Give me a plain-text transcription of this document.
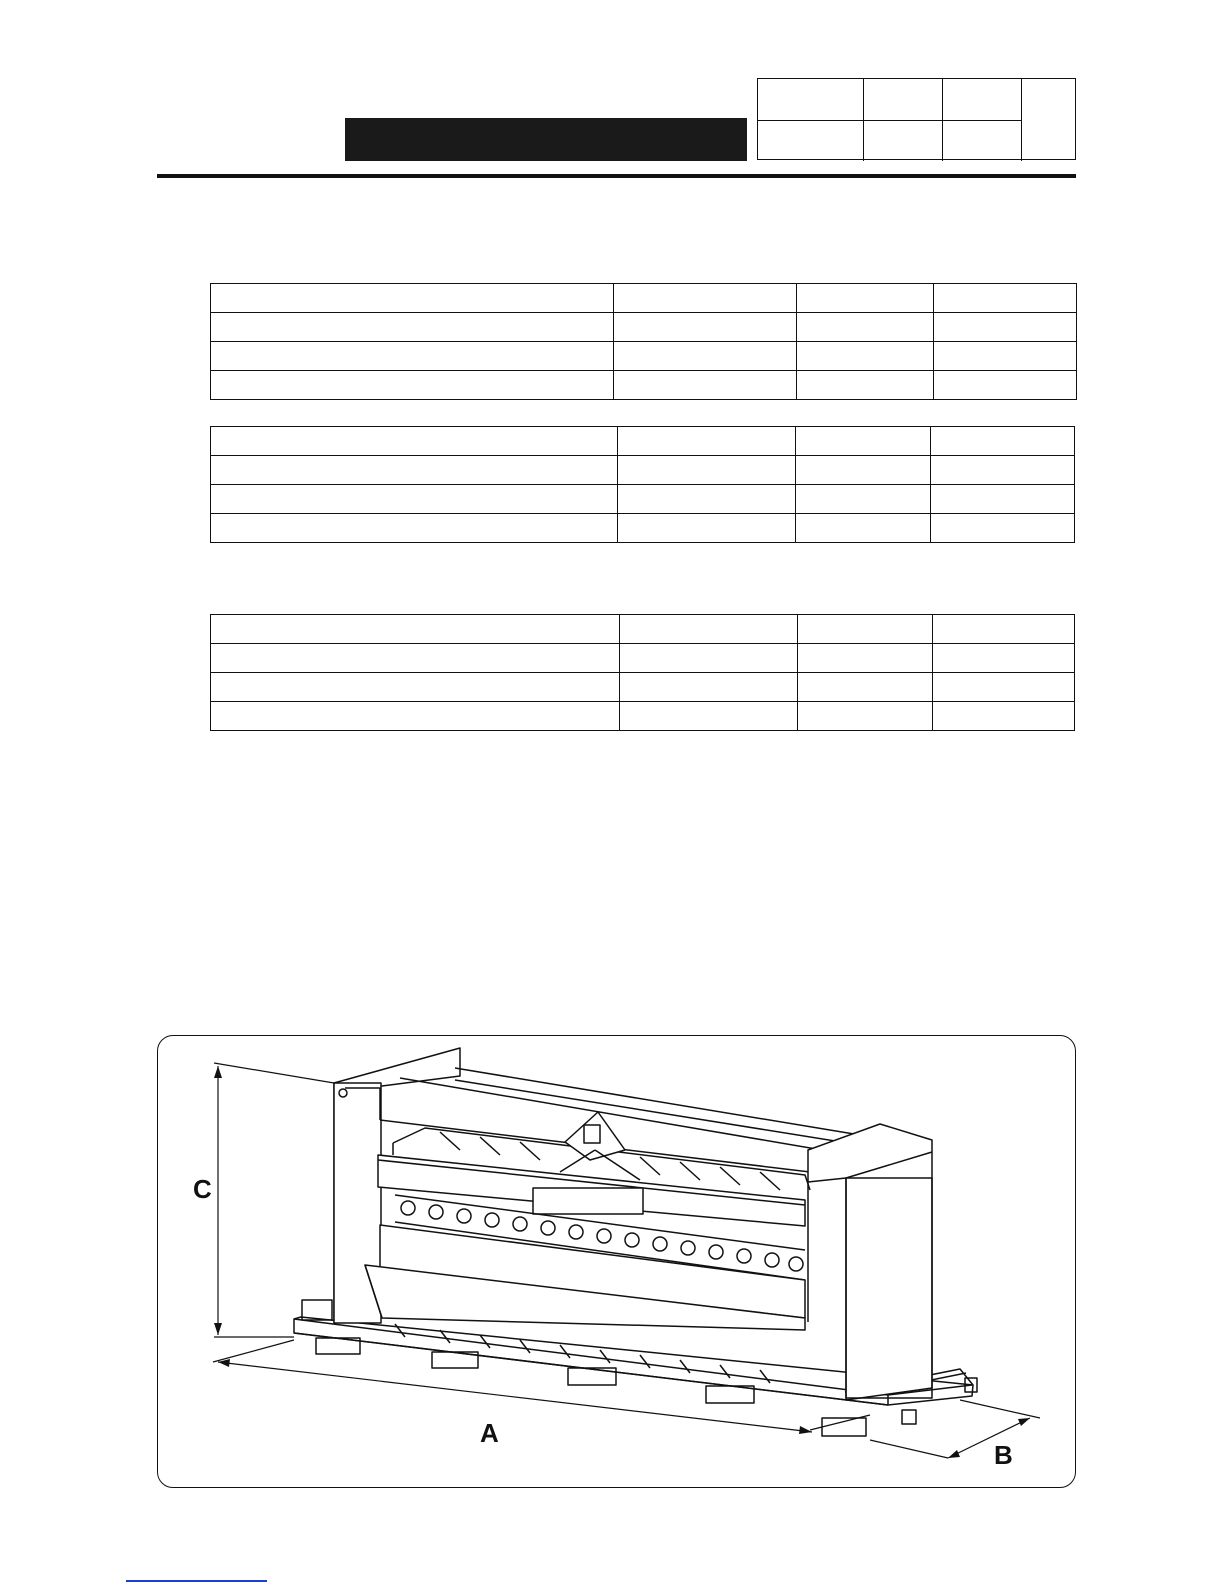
C
A
B
